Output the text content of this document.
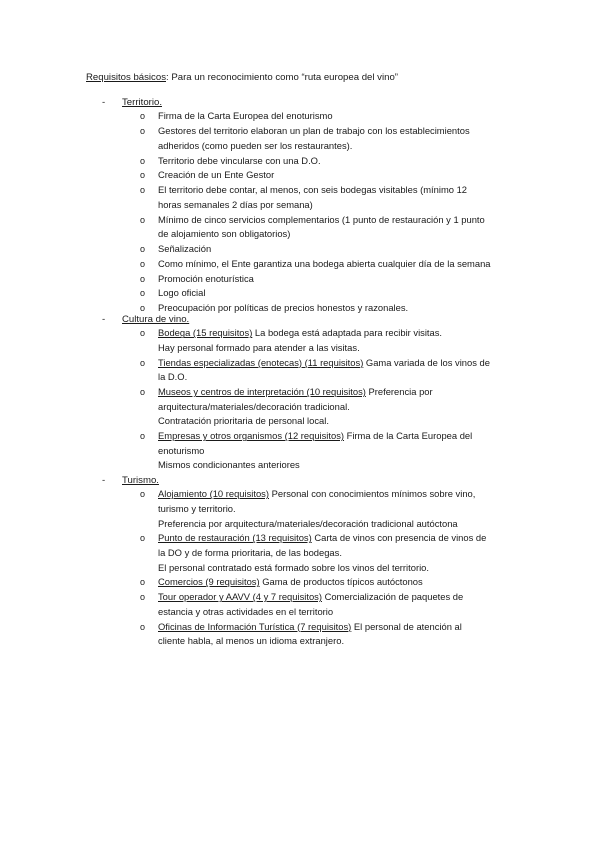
Requisitos básicos: Para un reconocimiento como “ruta europea del vino”
- Territorio.
o Firma de la Carta Europea del enoturismo
o Gestores del territorio elaboran un plan de trabajo con los establecimientos
adheridos (como pueden ser los restaurantes).
o Territorio debe vincularse con una D.O.
o Creación de un Ente Gestor
o El territorio debe contar, al menos, con seis bodegas visitables (mínimo 12
horas semanales 2 días por semana)
o Mínimo de cinco servicios complementarios (1 punto de restauración y 1 punto
de alojamiento son obligatorios)
o Señalización
o Como mínimo, el Ente garantiza una bodega abierta cualquier día de la semana
o Promoción enoturística
o Logo oficial
o Preocupación por políticas de precios honestos y razonales.
- Cultura de vino.
o Bodega (15 requisitos) La bodega está adaptada para recibir visitas.
Hay personal formado para atender a las visitas.
o Tiendas especializadas (enotecas) (11 requisitos) Gama variada de los vinos de
la D.O.
o Museos y centros de interpretación (10 requisitos) Preferencia por
arquitectura/materiales/decoración tradicional.
Contratación prioritaria de personal local.
o Empresas y otros organismos (12 requisitos) Firma de la Carta Europea del
enoturismo
Mismos condicionantes anteriores
- Turismo.
o Alojamiento (10 requisitos) Personal con conocimientos mínimos sobre vino,
turismo y territorio.
Preferencia por arquitectura/materiales/decoración tradicional autóctona
o Punto de restauración (13 requisitos) Carta de vinos con presencia de vinos de
la DO y de forma prioritaria, de las bodegas.
El personal contratado está formado sobre los vinos del territorio.
o Comercios (9 requisitos) Gama de productos típicos autóctonos
o Tour operador y AAVV (4 y 7 requisitos) Comercialización de paquetes de
estancia y otras actividades en el territorio
o Oficinas de Información Turística (7 requisitos) El personal de atención al
cliente habla, al menos un idioma extranjero.
